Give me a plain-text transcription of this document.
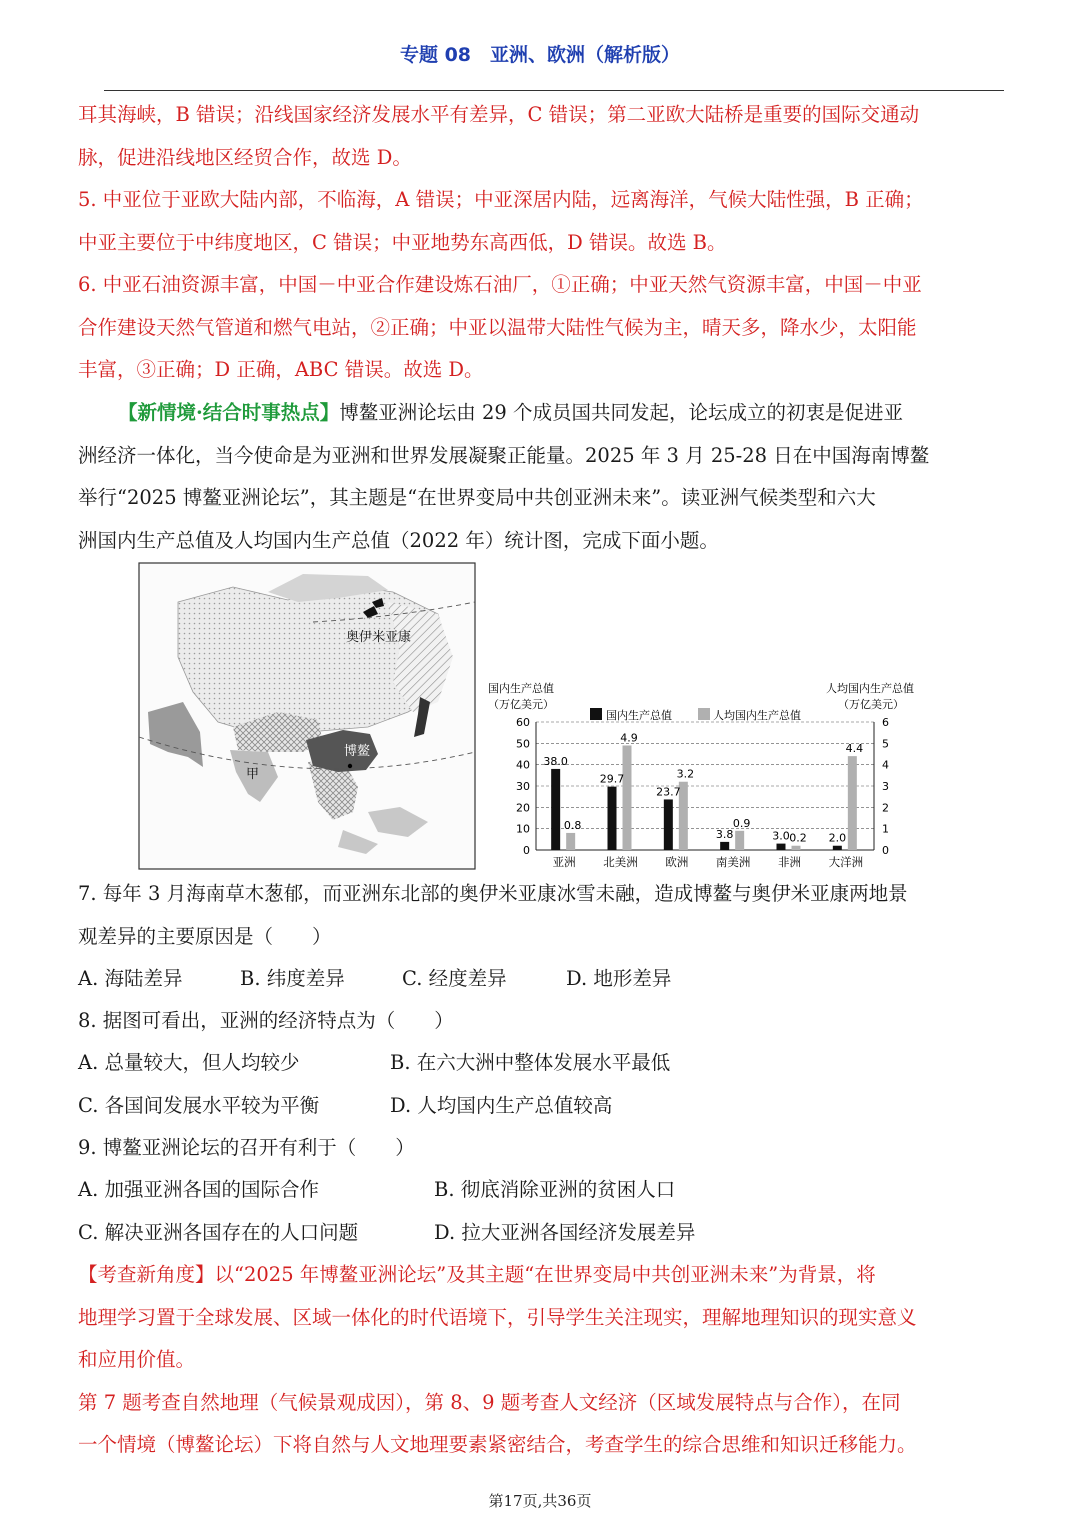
专题 08　亚洲、欧洲（解析版）
耳其海峡，B 错误；沿线国家经济发展水平有差异，C 错误；第二亚欧大陆桥是重要的国际交通动
脉，促进沿线地区经贸合作，故选 D。
5. 中亚位于亚欧大陆内部，不临海，A 错误；中亚深居内陆，远离海洋，气候大陆性强，B 正确；
中亚主要位于中纬度地区，C 错误；中亚地势东高西低，D 错误。故选 B。
6. 中亚石油资源丰富，中国－中亚合作建设炼石油厂，①正确；中亚天然气资源丰富，中国－中亚
合作建设天然气管道和燃气电站，②正确；中亚以温带大陆性气候为主，晴天多，降水少，太阳能
丰富，③正确；D 正确，ABC 错误。故选 D。
【新情境·结合时事热点】博鳌亚洲论坛由 29 个成员国共同发起，论坛成立的初衷是促进亚
洲经济一体化，当今使命是为亚洲和世界发展凝聚正能量。2025 年 3 月 25-28 日在中国海南博鳌
举行“2025 博鳌亚洲论坛”，其主题是“在世界变局中共创亚洲未来”。读亚洲气候类型和六大
洲国内生产总值及人均国内生产总值（2022 年）统计图，完成下面小题。
奥伊米亚康
博鳌
甲
国内生产总值
（万亿美元）
人均国内生产总值
（万亿美元）
国内生产总值	人均国内生产总值
0
10
20
30
40
50
60
0
1
2
3
4
5
6
38.0
0.8
亚洲
29.7
4.9
北美洲
23.7
3.2
欧洲
3.8
0.9
南美洲
3.0 0.2
非洲
2.0
4.4
大洋洲
7. 每年 3 月海南草木葱郁，而亚洲东北部的奥伊米亚康冰雪未融，造成博鳌与奥伊米亚康两地景
观差异的主要原因是（　　）
A. 海陆差异	B. 纬度差异	C. 经度差异	D. 地形差异
8. 据图可看出，亚洲的经济特点为（　　）
A. 总量较大，但人均较少	B. 在六大洲中整体发展水平最低
C. 各国间发展水平较为平衡	D. 人均国内生产总值较高
9. 博鳌亚洲论坛的召开有利于（　　）
A. 加强亚洲各国的国际合作	B. 彻底消除亚洲的贫困人口
C. 解决亚洲各国存在的人口问题	D. 拉大亚洲各国经济发展差异
【考查新角度】以“2025 年博鳌亚洲论坛”及其主题“在世界变局中共创亚洲未来”为背景，将
地理学习置于全球发展、区域一体化的时代语境下，引导学生关注现实，理解地理知识的现实意义
和应用价值。
第 7 题考查自然地理（气候景观成因），第 8、9 题考查人文经济（区域发展特点与合作），在同
一个情境（博鳌论坛）下将自然与人文地理要素紧密结合，考查学生的综合思维和知识迁移能力。
第17页,共36页
